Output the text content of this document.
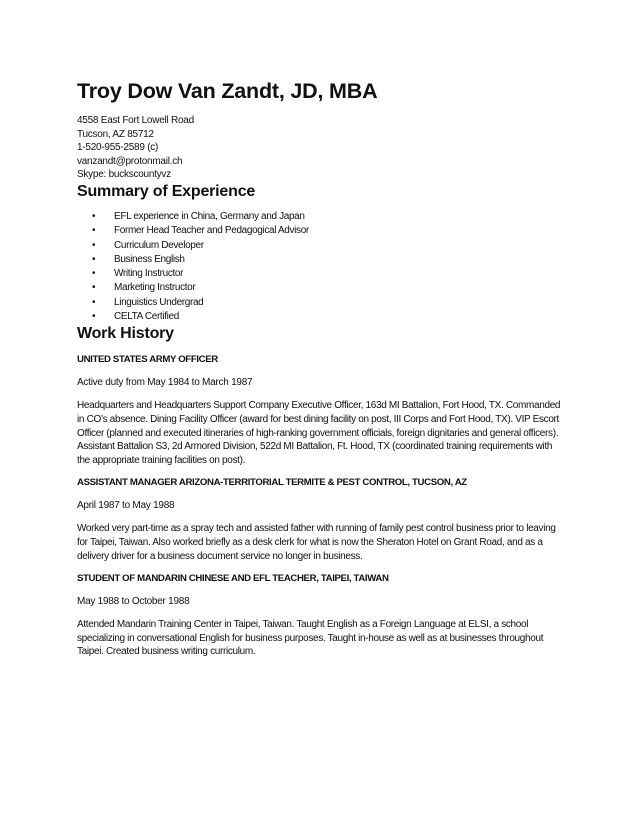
Troy Dow Van Zandt, JD, MBA
4558 East Fort Lowell Road
Tucson, AZ 85712
1-520-955-2589 (c)
vanzandt@protonmail.ch
Skype: buckscountyvz
Summary of Experience
• EFL experience in China, Germany and Japan
• Former Head Teacher and Pedagogical Advisor
• Curriculum Developer
• Business English
• Writing Instructor
• Marketing Instructor
• Linguistics Undergrad
• CELTA Certified
Work History
UNITED STATES ARMY OFFICER
Active duty from May 1984 to March 1987
Headquarters and Headquarters Support Company Executive Officer, 163d MI Battalion, Fort Hood, TX. Commanded in CO’s absence. Dining Facility Officer (award for best dining facility on post, III Corps and Fort Hood, TX). VIP Escort Officer (planned and executed itineraries of high-ranking government officials, foreign dignitaries and general officers). Assistant Battalion S3, 2d Armored Division, 522d MI Battalion, Ft. Hood, TX (coordinated training requirements with the appropriate training facilities on post).
ASSISTANT MANAGER ARIZONA-TERRITORIAL TERMITE & PEST CONTROL, TUCSON, AZ
April 1987 to May 1988
Worked very part-time as a spray tech and assisted father with running of family pest control business prior to leaving for Taipei, Taiwan. Also worked briefly as a desk clerk for what is now the Sheraton Hotel on Grant Road, and as a delivery driver for a business document service no longer in business.
STUDENT OF MANDARIN CHINESE AND EFL TEACHER, TAIPEI, TAIWAN
May 1988 to October 1988
Attended Mandarin Training Center in Taipei, Taiwan. Taught English as a Foreign Language at ELSI, a school specializing in conversational English for business purposes. Taught in-house as well as at businesses throughout Taipei. Created business writing curriculum.
